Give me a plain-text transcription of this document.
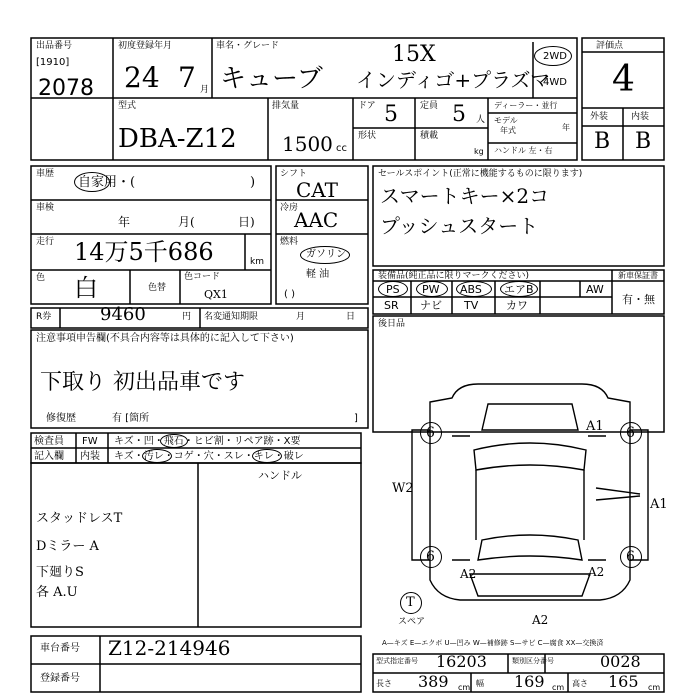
出品番号
[1910]
2078
初度登録年月
24 7 月
車名・グレード
キューブ
15X
インディゴ+プラズマ
2WD
4WD
評価点
4
外装	内装
B B
型式
DBA-Z12
排気量
1500 cc
ドア 5
形状
定員 5 人
積載
kg
ディーラー・並行
モデル
年式	年
ハンドル 左・右
車歴
自家用・(	)
車検
年	月(	日)
走行 14万5千686	km
色 白	色替
色コード
QX1
シフト
CAT
冷房
AAC
燃料
ガソリン
軽 油
( )
セールスポイント(正常に機能するものに限ります)
スマートキー×2コ
プッシュスタート
装備品(純正品に限りマークください)	新車保証書
有・無
PS PW ABS エアB	AW
SR ナビ TV	カワ
後日品
R券	9460	円 名変通知期限	月	日
注意事項申告欄(不具合内容等は具体的に記入して下さい)
下取り 初出品車です
修復歴	有 [箇所	]
検査員
記入欄
FW キズ・凹・飛石・ヒビ割・リペア跡・X要
内装 キズ・汚レ・コゲ・穴・スレ・キレ・破レ
ハンドル
スタッドレスT
Dミラー A
下廻りS
各 A.U
6	A1 6
W2
A1
6
A2	A2
6
A2
T
スペア
A—キズ E—エクボ U—凹み W—補修跡 S—サビ C—腐食 XX—交換済
車台番号 Z12-214946
登録番号
型式指定番号 16203	類別区分番号	0028
長さ 389 cm 幅 169 cm 高さ 165 cm
